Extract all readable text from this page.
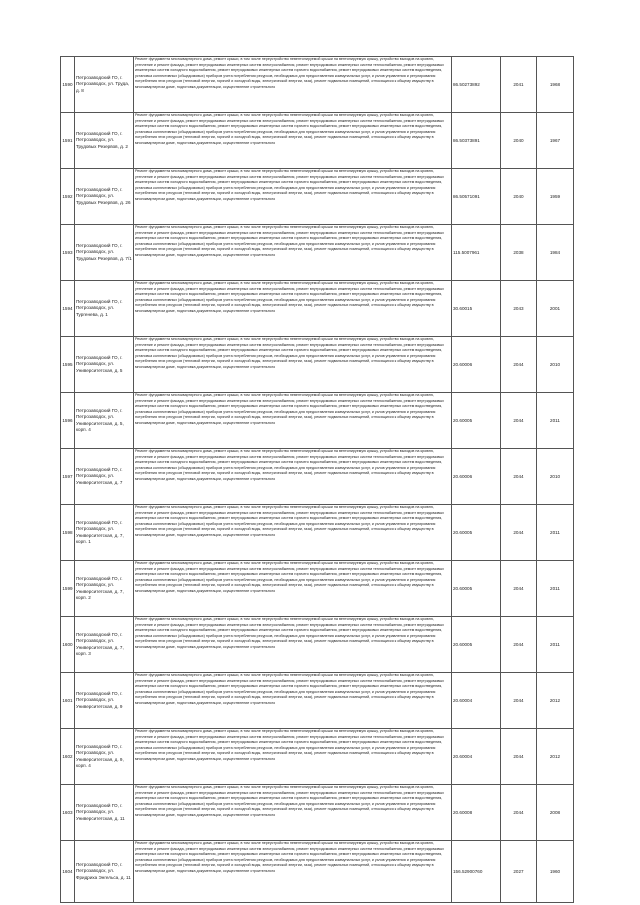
1590	Петрозаводский ГО, г. Петрозаводск, ул. Трудa, д. 8	Ремонт фундамента многоквартирного дома, ремонт крыши, в том числе переустройство невентилируемой крыши на вентилируемую крышу, устройство выходов на кровлю, утепление и ремонт фасада, ремонт внутридомовых инженерных систем электроснабжения, ремонт внутридомовых инженерных систем теплоснабжения, ремонт внутридомовых инженерных систем холодного водоснабжения, ремонт внутридомовых инженерных систем горячего водоснабжения, ремонт внутридомовых инженерных систем водоотведения, установка коллективных (общедомовых) приборов учета потребления ресурсов, необходимых для предоставления коммунальных услуг, и узлов управления и регулирования потребления этих ресурсов (тепловой энергии, горячей и холодной воды, электрической энергии, газа), ремонт подвальных помещений, относящихся к общему имуществу в многоквартирном доме, подготовка документации, осуществление строительного	86.50273892	2041	1968
1591	Петрозаводский ГО, г. Петрозаводск, ул. Трудовых Резервов, д. 2	Ремонт фундамента многоквартирного дома, ремонт крыши, в том числе переустройство невентилируемой крыши на вентилируемую крышу, устройство выходов на кровлю, утепление и ремонт фасада, ремонт внутридомовых инженерных систем электроснабжения, ремонт внутридомовых инженерных систем теплоснабжения, ремонт внутридомовых инженерных систем холодного водоснабжения, ремонт внутридомовых инженерных систем горячего водоснабжения, ремонт внутридомовых инженерных систем водоотведения, установка коллективных (общедомовых) приборов учета потребления ресурсов, необходимых для предоставления коммунальных услуг, и узлов управления и регулирования потребления этих ресурсов (тепловой энергии, горячей и холодной воды, электрической энергии, газа), ремонт подвальных помещений, относящихся к общему имуществу в многоквартирном доме, подготовка документации, осуществление строительного	86.50373891	2040	1967
1592	Петрозаводский ГО, г. Петрозаводск, ул. Трудовых Резервов, д. 26	Ремонт фундамента многоквартирного дома, ремонт крыши, в том числе переустройство невентилируемой крыши на вентилируемую крышу, устройство выходов на кровлю, утепление и ремонт фасада, ремонт внутридомовых инженерных систем электроснабжения, ремонт внутридомовых инженерных систем теплоснабжения, ремонт внутридомовых инженерных систем холодного водоснабжения, ремонт внутридомовых инженерных систем горячего водоснабжения, ремонт внутридомовых инженерных систем водоотведения, установка коллективных (общедомовых) приборов учета потребления ресурсов, необходимых для предоставления коммунальных услуг, и узлов управления и регулирования потребления этих ресурсов (тепловой энергии, горячей и холодной воды, электрической энергии, газа), ремонт подвальных помещений, относящихся к общему имуществу в многоквартирном доме, подготовка документации, осуществление строительного	86.50571091	2040	1959
1593	Петрозаводский ГО, г. Петрозаводск, ул. Трудовых Резервов, д. 7/1	Ремонт фундамента многоквартирного дома, ремонт крыши, в том числе переустройство невентилируемой крыши на вентилируемую крышу, устройство выходов на кровлю, утепление и ремонт фасада, ремонт внутридомовых инженерных систем электроснабжения, ремонт внутридомовых инженерных систем теплоснабжения, ремонт внутридомовых инженерных систем холодного водоснабжения, ремонт внутридомовых инженерных систем горячего водоснабжения, ремонт внутридомовых инженерных систем водоотведения, установка коллективных (общедомовых) приборов учета потребления ресурсов, необходимых для предоставления коммунальных услуг, и узлов управления и регулирования потребления этих ресурсов (тепловой энергии, горячей и холодной воды, электрической энергии, газа), ремонт подвальных помещений, относящихся к общему имуществу в многоквартирном доме, подготовка документации, осуществление строительного	115.5007961	2038	1984
1594	Петрозаводский ГО, г. Петрозаводск, ул. Тургенева, д. 1	Ремонт фундамента многоквартирного дома, ремонт крыши, в том числе переустройство невентилируемой крыши на вентилируемую крышу, устройство выходов на кровлю, утепление и ремонт фасада, ремонт внутридомовых инженерных систем электроснабжения, ремонт внутридомовых инженерных систем теплоснабжения, ремонт внутридомовых инженерных систем холодного водоснабжения, ремонт внутридомовых инженерных систем горячего водоснабжения, ремонт внутридомовых инженерных систем водоотведения, установка коллективных (общедомовых) приборов учета потребления ресурсов, необходимых для предоставления коммунальных услуг, и узлов управления и регулирования потребления этих ресурсов (тепловой энергии, горячей и холодной воды, электрической энергии, газа), ремонт подвальных помещений, относящихся к общему имуществу в многоквартирном доме, подготовка документации, осуществление строительного	30.60015	2043	2001
1595	Петрозаводский ГО, г. Петрозаводск, ул. Университетская, д. 5	Ремонт фундамента многоквартирного дома, ремонт крыши, в том числе переустройство невентилируемой крыши на вентилируемую крышу, устройство выходов на кровлю, утепление и ремонт фасада, ремонт внутридомовых инженерных систем электроснабжения, ремонт внутридомовых инженерных систем теплоснабжения, ремонт внутридомовых инженерных систем холодного водоснабжения, ремонт внутридомовых инженерных систем горячего водоснабжения, ремонт внутридомовых инженерных систем водоотведения, установка коллективных (общедомовых) приборов учета потребления ресурсов, необходимых для предоставления коммунальных услуг, и узлов управления и регулирования потребления этих ресурсов (тепловой энергии, горячей и холодной воды, электрической энергии, газа), ремонт подвальных помещений, относящихся к общему имуществу в многоквартирном доме, подготовка документации, осуществление строительного	20.60006	2044	2010
1596	Петрозаводский ГО, г. Петрозаводск, ул. Университетская, д. 5, корп. 4	Ремонт фундамента многоквартирного дома, ремонт крыши, в том числе переустройство невентилируемой крыши на вентилируемую крышу, устройство выходов на кровлю, утепление и ремонт фасада, ремонт внутридомовых инженерных систем электроснабжения, ремонт внутридомовых инженерных систем теплоснабжения, ремонт внутридомовых инженерных систем холодного водоснабжения, ремонт внутридомовых инженерных систем горячего водоснабжения, ремонт внутридомовых инженерных систем водоотведения, установка коллективных (общедомовых) приборов учета потребления ресурсов, необходимых для предоставления коммунальных услуг, и узлов управления и регулирования потребления этих ресурсов (тепловой энергии, горячей и холодной воды, электрической энергии, газа), ремонт подвальных помещений, относящихся к общему имуществу в многоквартирном доме, подготовка документации, осуществление строительного	20.60005	2044	2011
1597	Петрозаводский ГО, г. Петрозаводск, ул. Университетская, д. 7	Ремонт фундамента многоквартирного дома, ремонт крыши, в том числе переустройство невентилируемой крыши на вентилируемую крышу, устройство выходов на кровлю, утепление и ремонт фасада, ремонт внутридомовых инженерных систем электроснабжения, ремонт внутридомовых инженерных систем теплоснабжения, ремонт внутридомовых инженерных систем холодного водоснабжения, ремонт внутридомовых инженерных систем горячего водоснабжения, ремонт внутридомовых инженерных систем водоотведения, установка коллективных (общедомовых) приборов учета потребления ресурсов, необходимых для предоставления коммунальных услуг, и узлов управления и регулирования потребления этих ресурсов (тепловой энергии, горячей и холодной воды, электрической энергии, газа), ремонт подвальных помещений, относящихся к общему имуществу в многоквартирном доме, подготовка документации, осуществление строительного	20.60006	2044	2010
1598	Петрозаводский ГО, г. Петрозаводск, ул. Университетская, д. 7, корп. 1	Ремонт фундамента многоквартирного дома, ремонт крыши, в том числе переустройство невентилируемой крыши на вентилируемую крышу, устройство выходов на кровлю, утепление и ремонт фасада, ремонт внутридомовых инженерных систем электроснабжения, ремонт внутридомовых инженерных систем теплоснабжения, ремонт внутридомовых инженерных систем холодного водоснабжения, ремонт внутридомовых инженерных систем горячего водоснабжения, ремонт внутридомовых инженерных систем водоотведения, установка коллективных (общедомовых) приборов учета потребления ресурсов, необходимых для предоставления коммунальных услуг, и узлов управления и регулирования потребления этих ресурсов (тепловой энергии, горячей и холодной воды, электрической энергии, газа), ремонт подвальных помещений, относящихся к общему имуществу в многоквартирном доме, подготовка документации, осуществление строительного	20.60005	2044	2011
1599	Петрозаводский ГО, г. Петрозаводск, ул. Университетская, д. 7, корп. 2	Ремонт фундамента многоквартирного дома, ремонт крыши, в том числе переустройство невентилируемой крыши на вентилируемую крышу, устройство выходов на кровлю, утепление и ремонт фасада, ремонт внутридомовых инженерных систем электроснабжения, ремонт внутридомовых инженерных систем теплоснабжения, ремонт внутридомовых инженерных систем холодного водоснабжения, ремонт внутридомовых инженерных систем горячего водоснабжения, ремонт внутридомовых инженерных систем водоотведения, установка коллективных (общедомовых) приборов учета потребления ресурсов, необходимых для предоставления коммунальных услуг, и узлов управления и регулирования потребления этих ресурсов (тепловой энергии, горячей и холодной воды, электрической энергии, газа), ремонт подвальных помещений, относящихся к общему имуществу в многоквартирном доме, подготовка документации, осуществление строительного	20.60005	2044	2011
1600	Петрозаводский ГО, г. Петрозаводск, ул. Университетская, д. 7, корп. 3	Ремонт фундамента многоквартирного дома, ремонт крыши, в том числе переустройство невентилируемой крыши на вентилируемую крышу, устройство выходов на кровлю, утепление и ремонт фасада, ремонт внутридомовых инженерных систем электроснабжения, ремонт внутридомовых инженерных систем теплоснабжения, ремонт внутридомовых инженерных систем холодного водоснабжения, ремонт внутридомовых инженерных систем горячего водоснабжения, ремонт внутридомовых инженерных систем водоотведения, установка коллективных (общедомовых) приборов учета потребления ресурсов, необходимых для предоставления коммунальных услуг, и узлов управления и регулирования потребления этих ресурсов (тепловой энергии, горячей и холодной воды, электрической энергии, газа), ремонт подвальных помещений, относящихся к общему имуществу в многоквартирном доме, подготовка документации, осуществление строительного	20.60005	2044	2011
1601	Петрозаводский ГО, г. Петрозаводск, ул. Университетская, д. 9	Ремонт фундамента многоквартирного дома, ремонт крыши, в том числе переустройство невентилируемой крыши на вентилируемую крышу, устройство выходов на кровлю, утепление и ремонт фасада, ремонт внутридомовых инженерных систем электроснабжения, ремонт внутридомовых инженерных систем теплоснабжения, ремонт внутридомовых инженерных систем холодного водоснабжения, ремонт внутридомовых инженерных систем горячего водоснабжения, ремонт внутридомовых инженерных систем водоотведения, установка коллективных (общедомовых) приборов учета потребления ресурсов, необходимых для предоставления коммунальных услуг, и узлов управления и регулирования потребления этих ресурсов (тепловой энергии, горячей и холодной воды, электрической энергии, газа), ремонт подвальных помещений, относящихся к общему имуществу в многоквартирном доме, подготовка документации, осуществление строительного	20.60004	2044	2012
1602	Петрозаводский ГО, г. Петрозаводск, ул. Университетская, д. 9, корп. 4	Ремонт фундамента многоквартирного дома, ремонт крыши, в том числе переустройство невентилируемой крыши на вентилируемую крышу, устройство выходов на кровлю, утепление и ремонт фасада, ремонт внутридомовых инженерных систем электроснабжения, ремонт внутридомовых инженерных систем теплоснабжения, ремонт внутридомовых инженерных систем холодного водоснабжения, ремонт внутридомовых инженерных систем горячего водоснабжения, ремонт внутридомовых инженерных систем водоотведения, установка коллективных (общедомовых) приборов учета потребления ресурсов, необходимых для предоставления коммунальных услуг, и узлов управления и регулирования потребления этих ресурсов (тепловой энергии, горячей и холодной воды, электрической энергии, газа), ремонт подвальных помещений, относящихся к общему имуществу в многоквартирном доме, подготовка документации, осуществление строительного	20.60004	2044	2012
1603	Петрозаводский ГО, г. Петрозаводск, ул. Университетская, д. 11	Ремонт фундамента многоквартирного дома, ремонт крыши, в том числе переустройство невентилируемой крыши на вентилируемую крышу, устройство выходов на кровлю, утепление и ремонт фасада, ремонт внутридомовых инженерных систем электроснабжения, ремонт внутридомовых инженерных систем теплоснабжения, ремонт внутридомовых инженерных систем холодного водоснабжения, ремонт внутридомовых инженерных систем горячего водоснабжения, ремонт внутридомовых инженерных систем водоотведения, установка коллективных (общедомовых) приборов учета потребления ресурсов, необходимых для предоставления коммунальных услуг, и узлов управления и регулирования потребления этих ресурсов (тепловой энергии, горячей и холодной воды, электрической энергии, газа), ремонт подвальных помещений, относящихся к общему имуществу в многоквартирном доме, подготовка документации, осуществление строительного	20.60008	2044	2008
1604	Петрозаводский ГО, г. Петрозаводск, ул. Фридриха Энгельса, д. 11	Ремонт фундамента многоквартирного дома, ремонт крыши, в том числе переустройство невентилируемой крыши на вентилируемую крышу, устройство выходов на кровлю, утепление и ремонт фасада, ремонт внутридомовых инженерных систем электроснабжения, ремонт внутридомовых инженерных систем теплоснабжения, ремонт внутридомовых инженерных систем холодного водоснабжения, ремонт внутридомовых инженерных систем горячего водоснабжения, ремонт внутридомовых инженерных систем водоотведения, установка коллективных (общедомовых) приборов учета потребления ресурсов, необходимых для предоставления коммунальных услуг, и узлов управления и регулирования потребления этих ресурсов (тепловой энергии, горячей и холодной воды, электрической энергии, газа), ремонт подвальных помещений, относящихся к общему имуществу в многоквартирном доме, подготовка документации, осуществление строительного	156.52900760	2027	1960
